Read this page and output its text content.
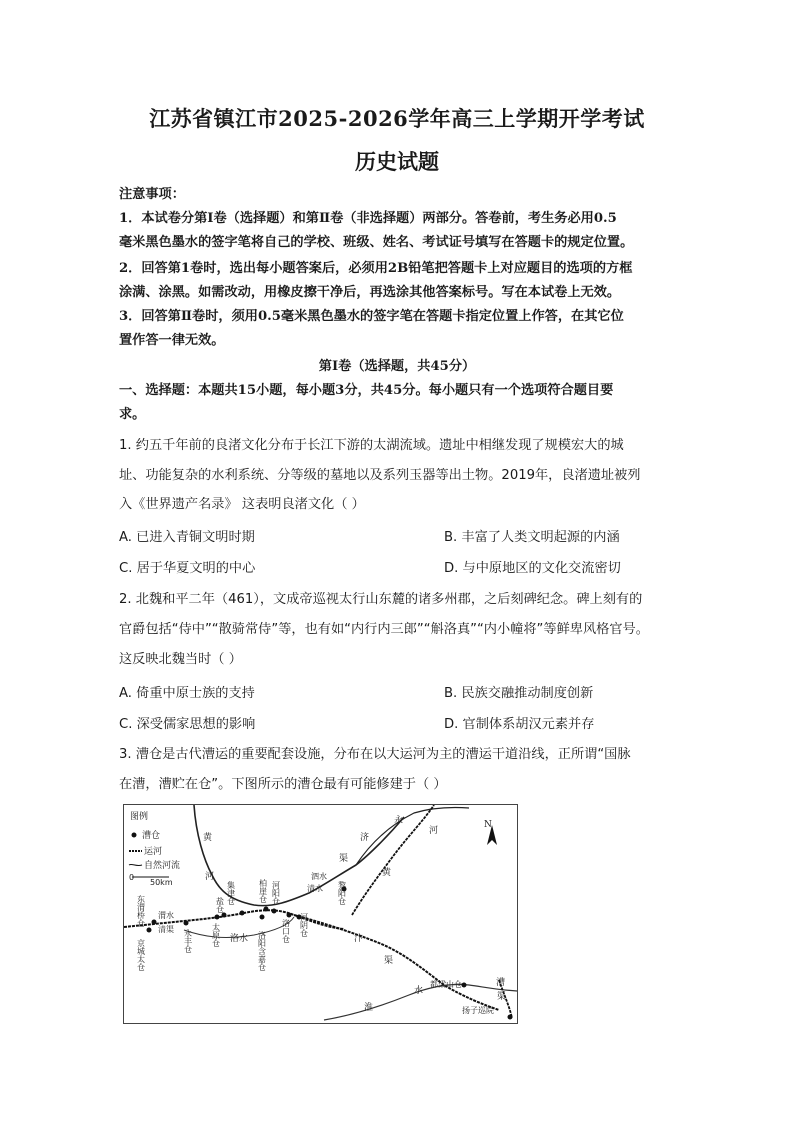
江苏省镇江市2025-2026学年高三上学期开学考试
历史试题
注意事项：
1．本试卷分第Ⅰ卷（选择题）和第Ⅱ卷（非选择题）两部分。答卷前，考生务必用0.5
毫米黑色墨水的签字笔将自己的学校、班级、姓名、考试证号填写在答题卡的规定位置。
2．回答第1卷时，选出每小题答案后，必须用2B铅笔把答题卡上对应题目的选项的方框
涂满、涂黑。如需改动，用橡皮擦干净后，再选涂其他答案标号。写在本试卷上无效。
3．回答第Ⅱ卷时，须用0.5毫米黑色墨水的签字笔在答题卡指定位置上作答，在其它位
置作答一律无效。
第Ⅰ卷（选择题，共45分）
一、选择题：本题共15小题，每小题3分，共45分。每小题只有一个选项符合题目要
求。
1. 约五千年前的良渚文化分布于长江下游的太湖流域。遗址中相继发现了规模宏大的城
址、功能复杂的水利系统、分等级的墓地以及系列玉器等出土物。2019年，良渚遗址被列
入《世界遗产名录》 这表明良渚文化（ ）
A. 已进入青铜文明时期	B. 丰富了人类文明起源的内涵
C. 居于华夏文明的中心	D. 与中原地区的文化交流密切
2. 北魏和平二年（461），文成帝巡视太行山东麓的诸多州郡，之后刻碑纪念。碑上刻有的
官爵包括“侍中”“散骑常侍”等，也有如“内行内三郎”“斛洛真”“内小幢将”等鲜卑风格官号。
这反映北魏当时（ ）
A. 倚重中原士族的支持	B. 民族交融推动制度创新
C. 深受儒家思想的影响	D. 官制体系胡汉元素并存
3. 漕仓是古代漕运的重要配套设施，分布在以大运河为主的漕运干道沿线，正所谓“国脉
在漕，漕贮在仓”。下图所示的漕仓最有可能修建于（ ）
图例
漕仓
运河
自然河流
0
50km
N
黄
河
济
永
河
黄
渠
泗水
清水
渭水
清渠
汴
洛水
渠
淮
水
漕
渠
东渭桥仓
京城太仓	永丰仓
集津仓
盐仓
太原仓
柏崖仓 河阳仓
洛阳含嘉仓 洛口仓 河阴仓
黎阳仓
都梁山仓
扬子巡院
